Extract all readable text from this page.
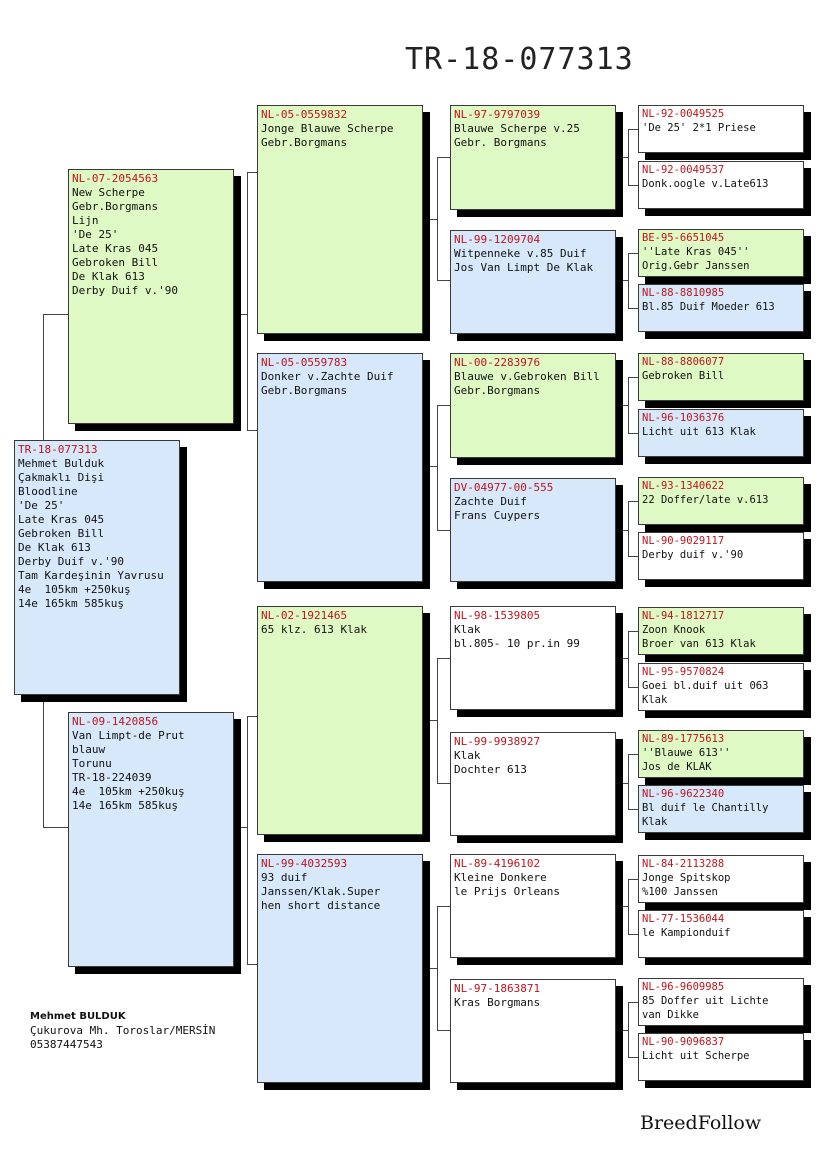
TR-18-077313
TR-18-077313
Mehmet Bulduk
Çakmaklı Dişi
Bloodline
'De 25'
Late Kras 045
Gebroken Bill
De Klak 613
Derby Duif v.'90
Tam Kardeşinin Yavrusu
4e  105km +250kuş
14e 165km 585kuş
NL-07-2054563
New Scherpe
Gebr.Borgmans
Lijn
'De 25'
Late Kras 045
Gebroken Bill
De Klak 613
Derby Duif v.'90
NL-09-1420856
Van Limpt-de Prut
blauw
Torunu
TR-18-224039
4e  105km +250kuş
14e 165km 585kuş
NL-05-0559832
Jonge Blauwe Scherpe
Gebr.Borgmans
NL-05-0559783
Donker v.Zachte Duif
Gebr.Borgmans
NL-02-1921465
65 klz. 613 Klak
NL-99-4032593
93 duif
Janssen/Klak.Super
hen short distance
NL-97-9797039
Blauwe Scherpe v.25
Gebr. Borgmans
NL-99-1209704
Witpenneke v.85 Duif
Jos Van Limpt De Klak
NL-00-2283976
Blauwe v.Gebroken Bill
Gebr.Borgmans
DV-04977-00-555
Zachte Duif
Frans Cuypers
NL-98-1539805
Klak
bl.805- 10 pr.in 99
NL-99-9938927
Klak
Dochter 613
NL-89-4196102
Kleine Donkere
le Prijs Orleans
NL-97-1863871
Kras Borgmans
NL-92-0049525
'De 25' 2*1 Priese
NL-92-0049537
Donk.oogle v.Late613
BE-95-6651045
''Late Kras 045''
Orig.Gebr Janssen
NL-88-8810985
Bl.85 Duif Moeder 613
NL-88-8806077
Gebroken Bill
NL-96-1036376
Licht uit 613 Klak
NL-93-1340622
22 Doffer/late v.613
NL-90-9029117
Derby duif v.'90
NL-94-1812717
Zoon Knook
Broer van 613 Klak
NL-95-9570824
Goei bl.duif uit 063
Klak
NL-89-1775613
''Blauwe 613''
Jos de KLAK
NL-96-9622340
Bl duif le Chantilly
Klak
NL-84-2113288
Jonge Spitskop
%100 Janssen
NL-77-1536044
le Kampionduif
NL-96-9609985
85 Doffer uit Lichte
van Dikke
NL-90-9096837
Licht uit Scherpe
Mehmet BULDUK
Çukurova Mh. Toroslar/MERSİN
05387447543
BreedFollow
